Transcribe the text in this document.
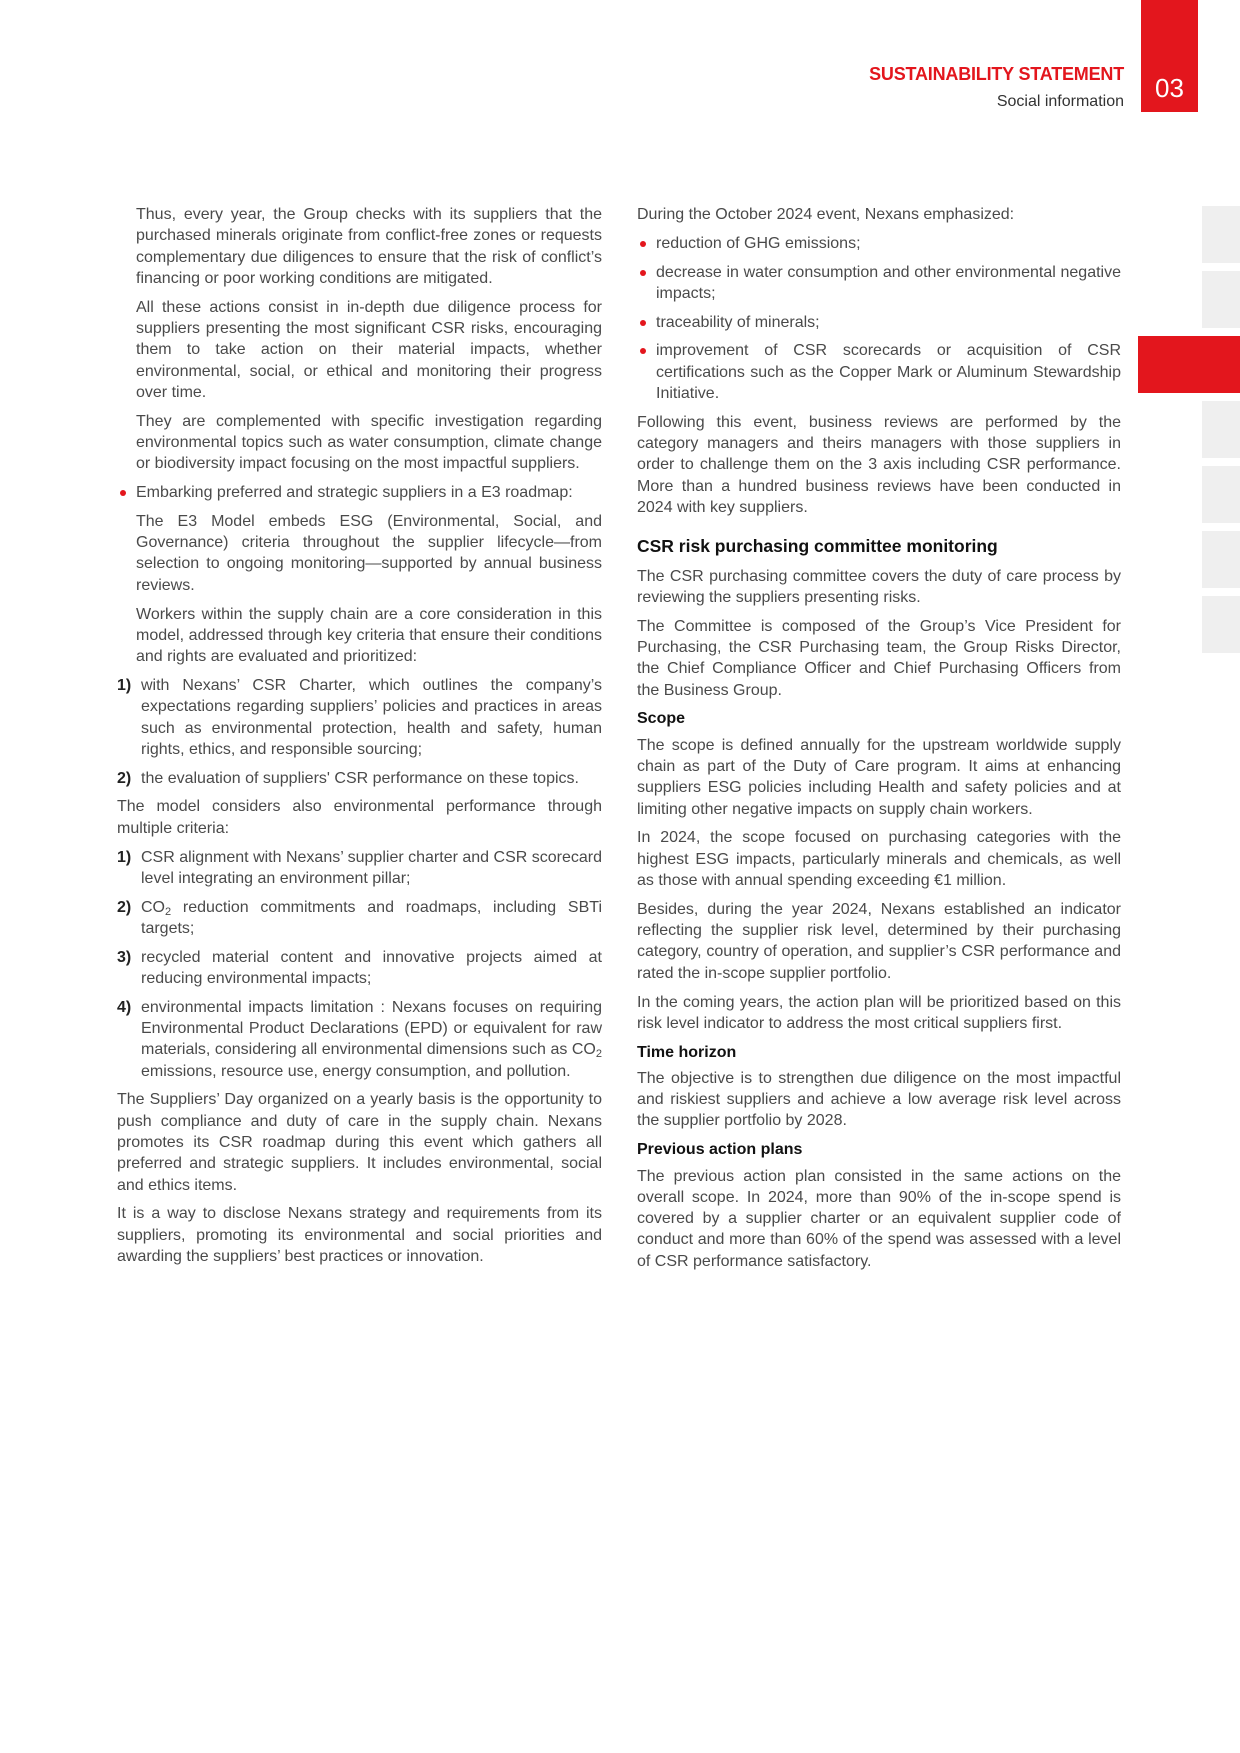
SUSTAINABILITY STATEMENT
Social information 03

Thus, every year, the Group checks with its suppliers that the purchased minerals originate from conflict-free zones or requests complementary due diligences to ensure that the risk of conflict’s financing or poor working conditions are mitigated.

All these actions consist in in-depth due diligence process for suppliers presenting the most significant CSR risks, encouraging them to take action on their material impacts, whether environmental, social, or ethical and monitoring their progress over time.

They are complemented with specific investigation regarding environmental topics such as water consumption, climate change or biodiversity impact focusing on the most impactful suppliers.

Embarking preferred and strategic suppliers in a E3 roadmap:

The E3 Model embeds ESG (Environmental, Social, and Governance) criteria throughout the supplier lifecycle—from selection to ongoing monitoring—supported by annual business reviews.

Workers within the supply chain are a core consideration in this model, addressed through key criteria that ensure their conditions and rights are evaluated and prioritized:

1) with Nexans’ CSR Charter, which outlines the company’s expectations regarding suppliers’ policies and practices in areas such as environmental protection, health and safety, human rights, ethics, and responsible sourcing;
2) the evaluation of suppliers' CSR performance on these topics.

The model considers also environmental performance through multiple criteria:

1) CSR alignment with Nexans’ supplier charter and CSR scorecard level integrating an environment pillar;
2) $CO_2$ reduction commitments and roadmaps, including SBTi targets;
3) recycled material content and innovative projects aimed at reducing environmental impacts;
4) environmental impacts limitation : Nexans focuses on requiring Environmental Product Declarations (EPD) or equivalent for raw materials, considering all environmental dimensions such as $CO_2$ emissions, resource use, energy consumption, and pollution.

The Suppliers’ Day organized on a yearly basis is the opportunity to push compliance and duty of care in the supply chain. Nexans promotes its CSR roadmap during this event which gathers all preferred and strategic suppliers. It includes environmental, social and ethics items.

It is a way to disclose Nexans strategy and requirements from its suppliers, promoting its environmental and social priorities and awarding the suppliers’ best practices or innovation.

During the October 2024 event, Nexans emphasized:

reduction of GHG emissions;
decrease in water consumption and other environmental negative impacts;
traceability of minerals;
improvement of CSR scorecards or acquisition of CSR certifications such as the Copper Mark or Aluminum Stewardship Initiative.

Following this event, business reviews are performed by the category managers and theirs managers with those suppliers in order to challenge them on the 3 axis including CSR performance. More than a hundred business reviews have been conducted in 2024 with key suppliers.

CSR risk purchasing committee monitoring

The CSR purchasing committee covers the duty of care process by reviewing the suppliers presenting risks.

The Committee is composed of the Group’s Vice President for Purchasing, the CSR Purchasing team, the Group Risks Director, the Chief Compliance Officer and Chief Purchasing Officers from the Business Group.

Scope

The scope is defined annually for the upstream worldwide supply chain as part of the Duty of Care program. It aims at enhancing suppliers ESG policies including Health and safety policies and at limiting other negative impacts on supply chain workers.

In 2024, the scope focused on purchasing categories with the highest ESG impacts, particularly minerals and chemicals, as well as those with annual spending exceeding €1 million.

Besides, during the year 2024, Nexans established an indicator reflecting the supplier risk level, determined by their purchasing category, country of operation, and supplier’s CSR performance and rated the in-scope supplier portfolio.

In the coming years, the action plan will be prioritized based on this risk level indicator to address the most critical suppliers first.

Time horizon

The objective is to strengthen due diligence on the most impactful and riskiest suppliers and achieve a low average risk level across the supplier portfolio by 2028.

Previous action plans

The previous action plan consisted in the same actions on the overall scope. In 2024, more than 90% of the in-scope spend is covered by a supplier charter or an equivalent supplier code of conduct and more than 60% of the spend was assessed with a level of CSR performance satisfactory.
